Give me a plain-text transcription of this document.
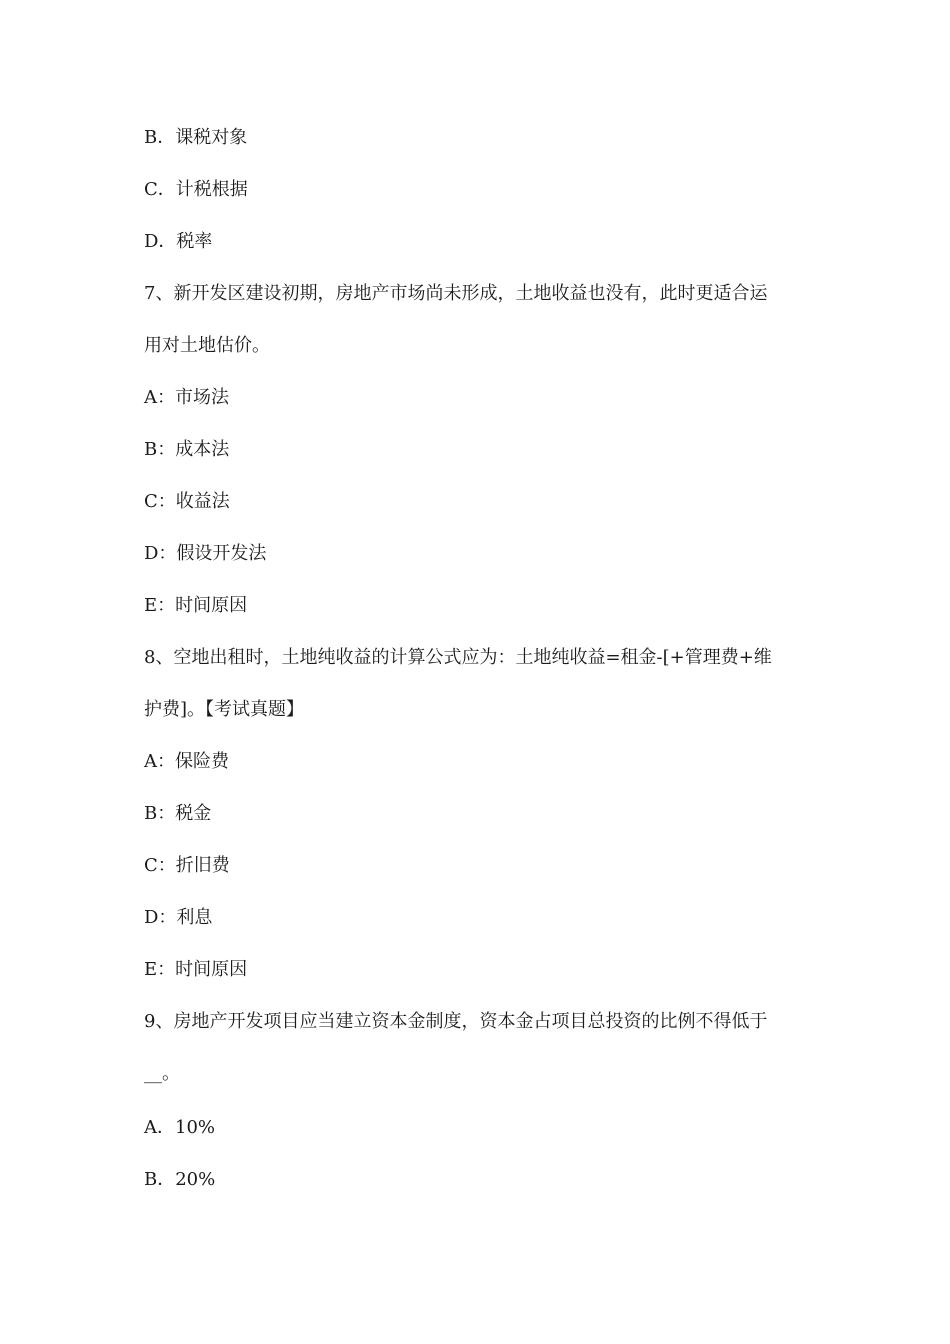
B．课税对象
C．计税根据
D．税率
7、新开发区建设初期，房地产市场尚未形成，土地收益也没有，此时更适合运
用对土地估价。
A：市场法
B：成本法
C：收益法
D：假设开发法
E：时间原因
8、空地出租时，土地纯收益的计算公式应为：土地纯收益=租金-[+管理费+维
护费]。【考试真题】
A：保险费
B：税金
C：折旧费
D：利息
E：时间原因
9、房地产开发项目应当建立资本金制度，资本金占项目总投资的比例不得低于
__。
A．10%
B．20%
